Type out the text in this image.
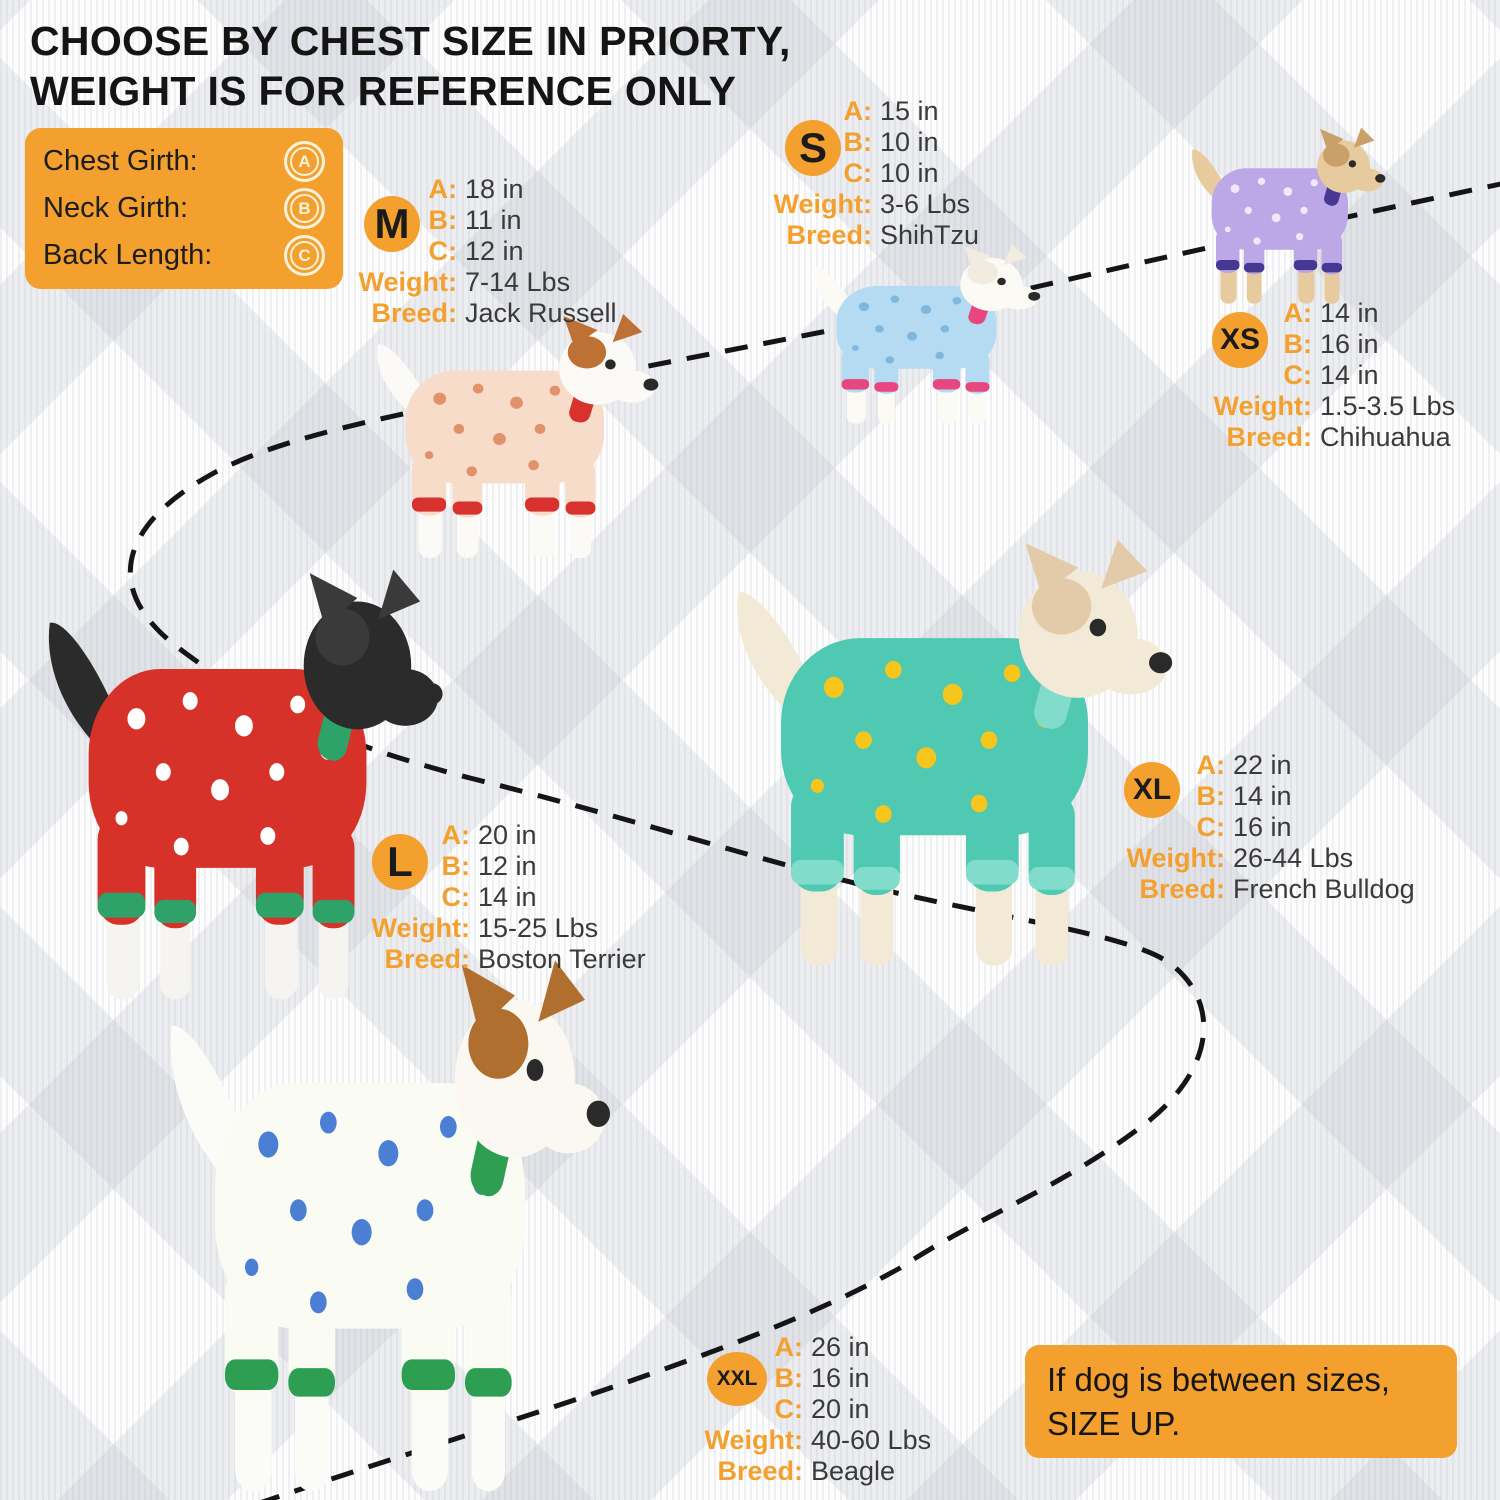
CHOOSE BY CHEST SIZE IN PRIORTY,
WEIGHT IS FOR REFERENCE ONLY
Chest Girth:	A
Neck Girth:	B
Back Length:	C
M
A: 18 in
B: 11 in
C: 12 in
Weight: 7-14 Lbs
Breed: Jack Russell
S
A: 15 in
B: 10 in
C: 10 in
Weight: 3-6 Lbs
Breed: ShihTzu
XS
A: 14 in
B: 16 in
C: 14 in
Weight: 1.5-3.5 Lbs
Breed: Chihuahua
L
A: 20 in
B: 12 in
C: 14 in
Weight: 15-25 Lbs
Breed: Boston Terrier
XL
A: 22 in
B: 14 in
C: 16 in
Weight: 26-44 Lbs
Breed: French Bulldog
XXL
A: 26 in
B: 16 in
C: 20 in
Weight: 40-60 Lbs
Breed: Beagle
If dog is between sizes,
SIZE UP.
